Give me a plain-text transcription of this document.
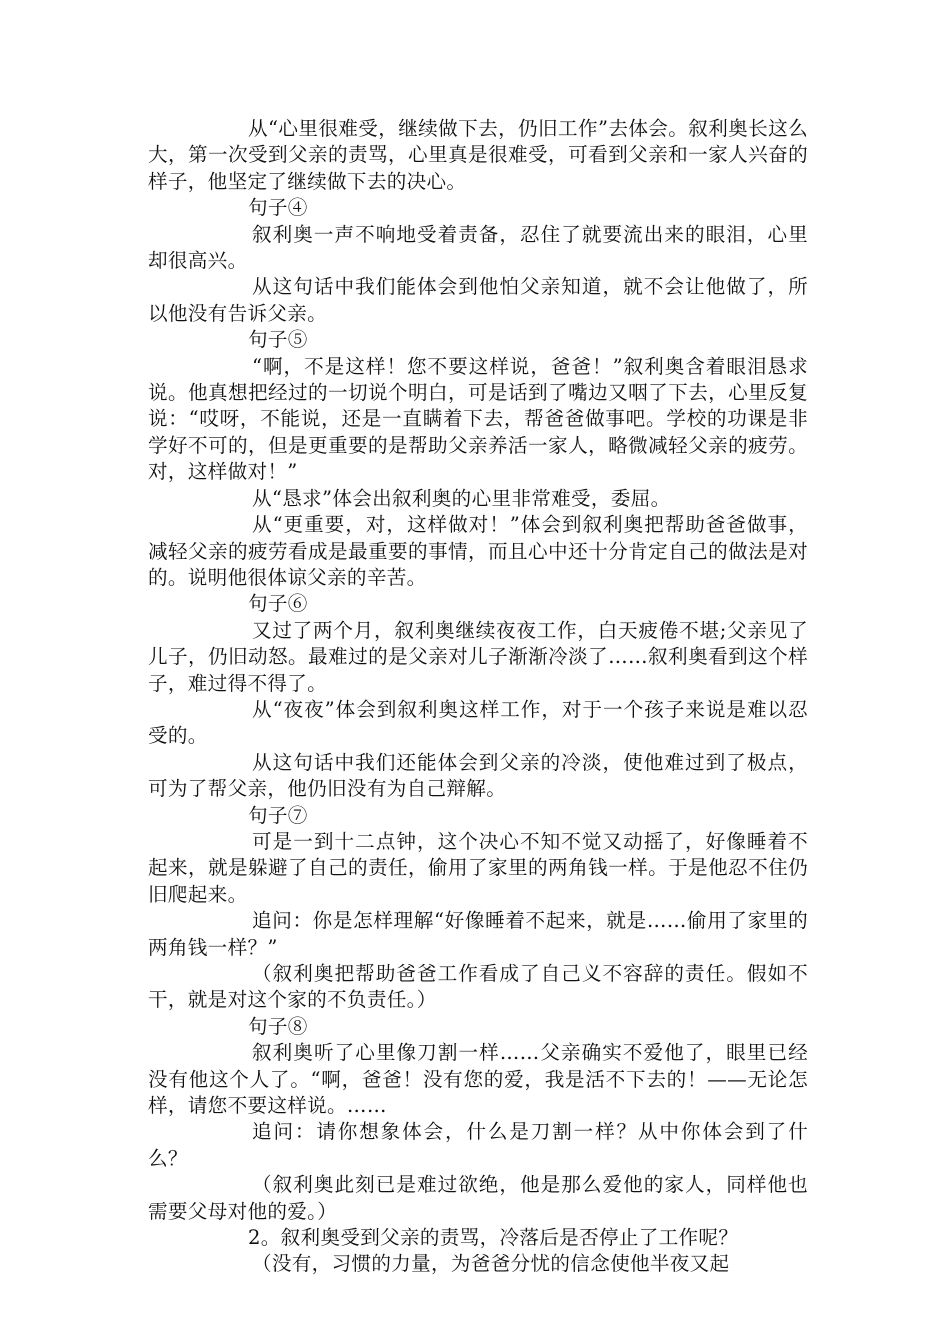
从“心里很难受，继续做下去，仍旧工作”去体会。叙利奥长这么大，第一次受到父亲的责骂，心里真是很难受，可看到父亲和一家人兴奋的样子，他坚定了继续做下去的决心。

句子④

叙利奥一声不响地受着责备，忍住了就要流出来的眼泪，心里却很高兴。

从这句话中我们能体会到他怕父亲知道，就不会让他做了，所以他没有告诉父亲。

句子⑤

“啊，不是这样！您不要这样说，爸爸！”叙利奥含着眼泪恳求说。他真想把经过的一切说个明白，可是话到了嘴边又咽了下去，心里反复说：“哎呀，不能说，还是一直瞒着下去，帮爸爸做事吧。学校的功课是非学好不可的，但是更重要的是帮助父亲养活一家人，略微减轻父亲的疲劳。对，这样做对！”

从“恳求”体会出叙利奥的心里非常难受，委屈。

从“更重要，对，这样做对！”体会到叙利奥把帮助爸爸做事，减轻父亲的疲劳看成是最重要的事情，而且心中还十分肯定自己的做法是对的。说明他很体谅父亲的辛苦。

句子⑥

又过了两个月，叙利奥继续夜夜工作，白天疲倦不堪;父亲见了儿子，仍旧动怒。最难过的是父亲对儿子渐渐冷淡了……叙利奥看到这个样子，难过得不得了。

从“夜夜”体会到叙利奥这样工作，对于一个孩子来说是难以忍受的。

从这句话中我们还能体会到父亲的冷淡，使他难过到了极点，可为了帮父亲，他仍旧没有为自己辩解。

句子⑦

可是一到十二点钟，这个决心不知不觉又动摇了，好像睡着不起来，就是躲避了自己的责任，偷用了家里的两角钱一样。于是他忍不住仍旧爬起来。

追问：你是怎样理解“好像睡着不起来，就是……偷用了家里的两角钱一样？”

（叙利奥把帮助爸爸工作看成了自己义不容辞的责任。假如不干，就是对这个家的不负责任。）

句子⑧

叙利奥听了心里像刀割一样……父亲确实不爱他了，眼里已经没有他这个人了。“啊，爸爸！没有您的爱，我是活不下去的！——无论怎样，请您不要这样说。……

追问：请你想象体会，什么是刀割一样？从中你体会到了什么？

（叙利奥此刻已是难过欲绝，他是那么爱他的家人，同样他也需要父母对他的爱。）

2。叙利奥受到父亲的责骂，冷落后是否停止了工作呢？

（没有，习惯的力量，为爸爸分忧的信念使他半夜又起
